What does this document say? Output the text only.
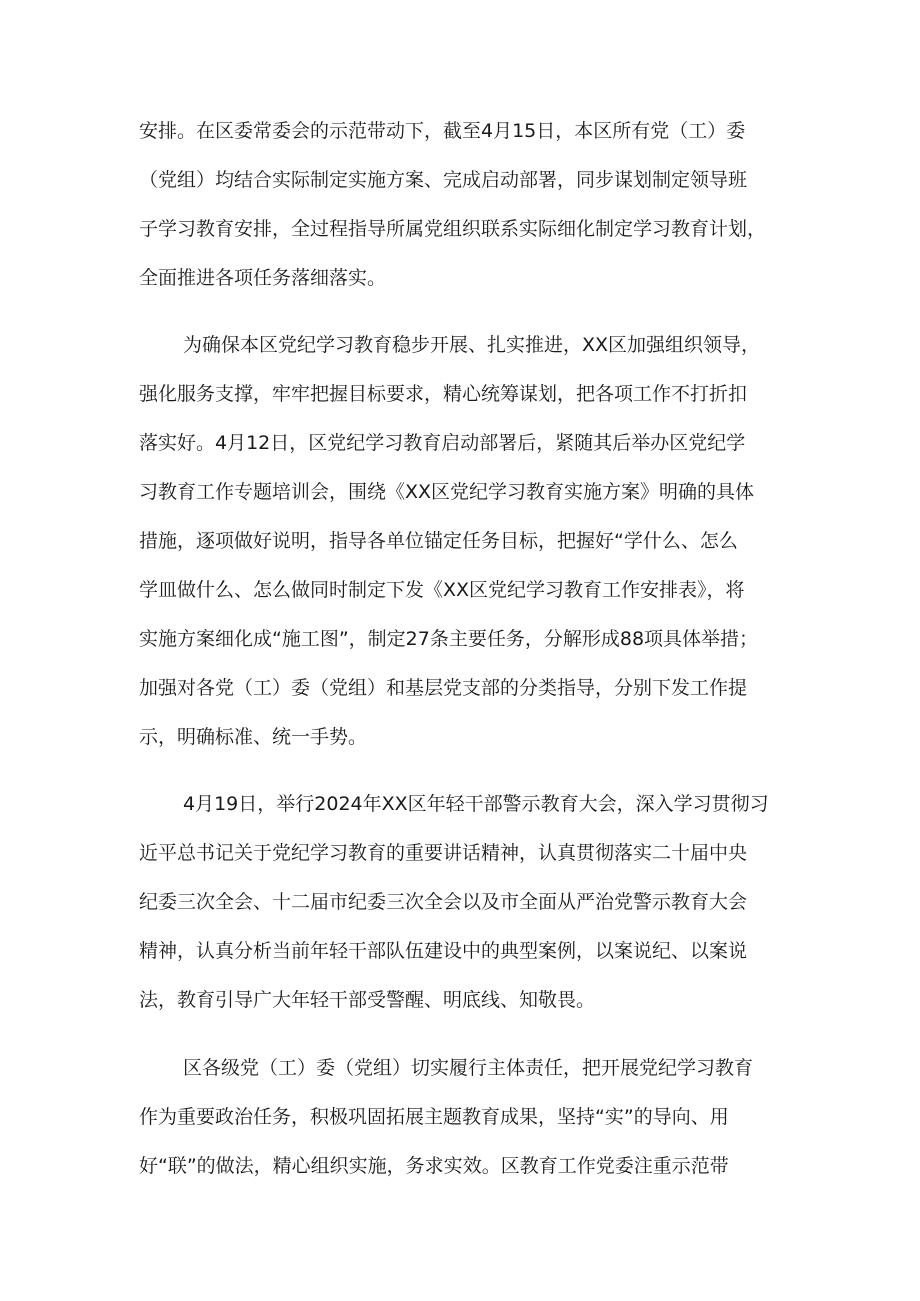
安排。在区委常委会的示范带动下，截至4月15日，本区所有党（工）委
（党组）均结合实际制定实施方案、完成启动部署，同步谋划制定领导班
子学习教育安排，全过程指导所属党组织联系实际细化制定学习教育计划，
全面推进各项任务落细落实。
为确保本区党纪学习教育稳步开展、扎实推进，XX区加强组织领导，
强化服务支撑，牢牢把握目标要求，精心统筹谋划，把各项工作不打折扣
落实好。4月12日，区党纪学习教育启动部署后，紧随其后举办区党纪学
习教育工作专题培训会，围绕《XX区党纪学习教育实施方案》明确的具体
措施，逐项做好说明，指导各单位锚定任务目标，把握好“学什么、怎么
学皿做什么、怎么做同时制定下发《XX区党纪学习教育工作安排表》，将
实施方案细化成“施工图”，制定27条主要任务，分解形成88项具体举措；
加强对各党（工）委（党组）和基层党支部的分类指导，分别下发工作提
示，明确标准、统一手势。
4月19日，举行2024年XX区年轻干部警示教育大会，深入学习贯彻习
近平总书记关于党纪学习教育的重要讲话精神，认真贯彻落实二十届中央
纪委三次全会、十二届市纪委三次全会以及市全面从严治党警示教育大会
精神，认真分析当前年轻干部队伍建设中的典型案例，以案说纪、以案说
法，教育引导广大年轻干部受警醒、明底线、知敬畏。
区各级党（工）委（党组）切实履行主体责任，把开展党纪学习教育
作为重要政治任务，积极巩固拓展主题教育成果，坚持“实”的导向、用
好“联”的做法，精心组织实施，务求实效。区教育工作党委注重示范带
